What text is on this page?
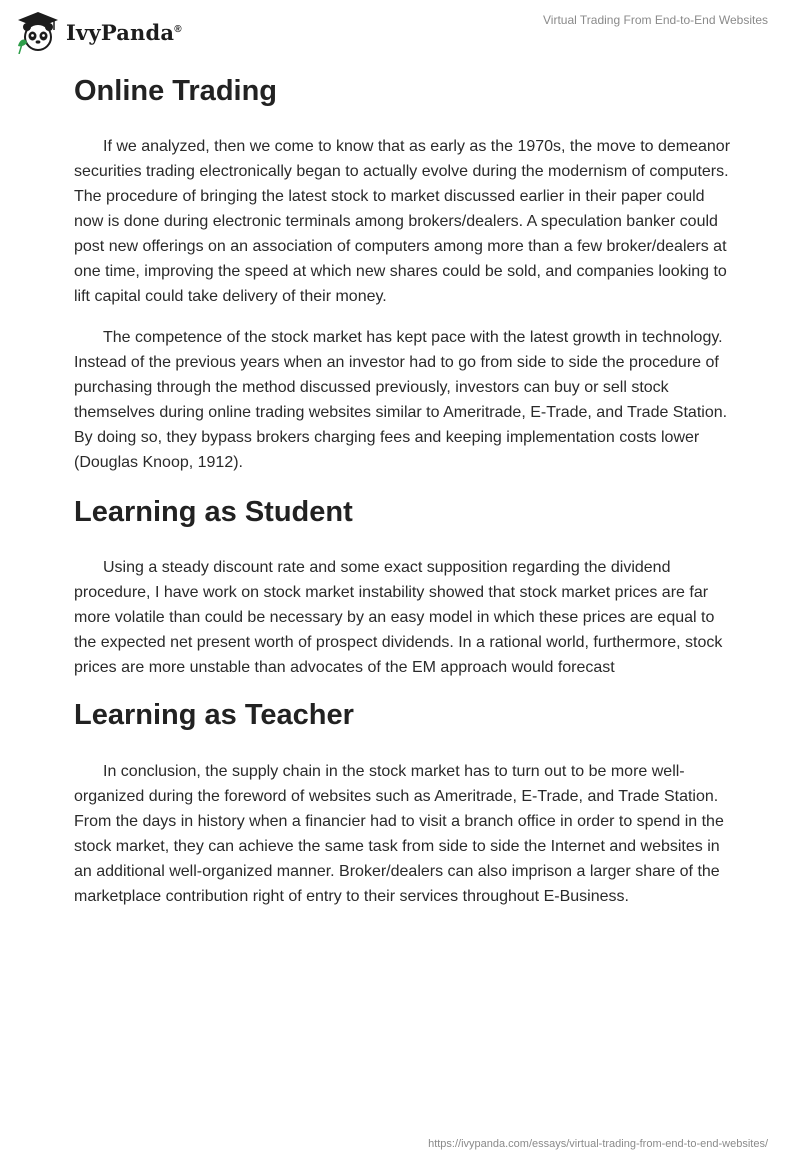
IvyPanda®
Virtual Trading From End-to-End Websites
Online Trading

If we analyzed, then we come to know that as early as the 1970s, the move to demeanor securities trading electronically began to actually evolve during the modernism of computers. The procedure of bringing the latest stock to market discussed earlier in their paper could now is done during electronic terminals among brokers/dealers. A speculation banker could post new offerings on an association of computers among more than a few broker/dealers at one time, improving the speed at which new shares could be sold, and companies looking to lift capital could take delivery of their money.

The competence of the stock market has kept pace with the latest growth in technology. Instead of the previous years when an investor had to go from side to side the procedure of purchasing through the method discussed previously, investors can buy or sell stock themselves during online trading websites similar to Ameritrade, E-Trade, and Trade Station. By doing so, they bypass brokers charging fees and keeping implementation costs lower (Douglas Knoop, 1912).

Learning as Student

Using a steady discount rate and some exact supposition regarding the dividend procedure, I have work on stock market instability showed that stock market prices are far more volatile than could be necessary by an easy model in which these prices are equal to the expected net present worth of prospect dividends. In a rational world, furthermore, stock prices are more unstable than advocates of the EM approach would forecast

Learning as Teacher

In conclusion, the supply chain in the stock market has to turn out to be more well-organized during the foreword of websites such as Ameritrade, E-Trade, and Trade Station. From the days in history when a financier had to visit a branch office in order to spend in the stock market, they can achieve the same task from side to side the Internet and websites in an additional well-organized manner. Broker/dealers can also imprison a larger share of the marketplace contribution right of entry to their services throughout E-Business.

https://ivypanda.com/essays/virtual-trading-from-end-to-end-websites/
